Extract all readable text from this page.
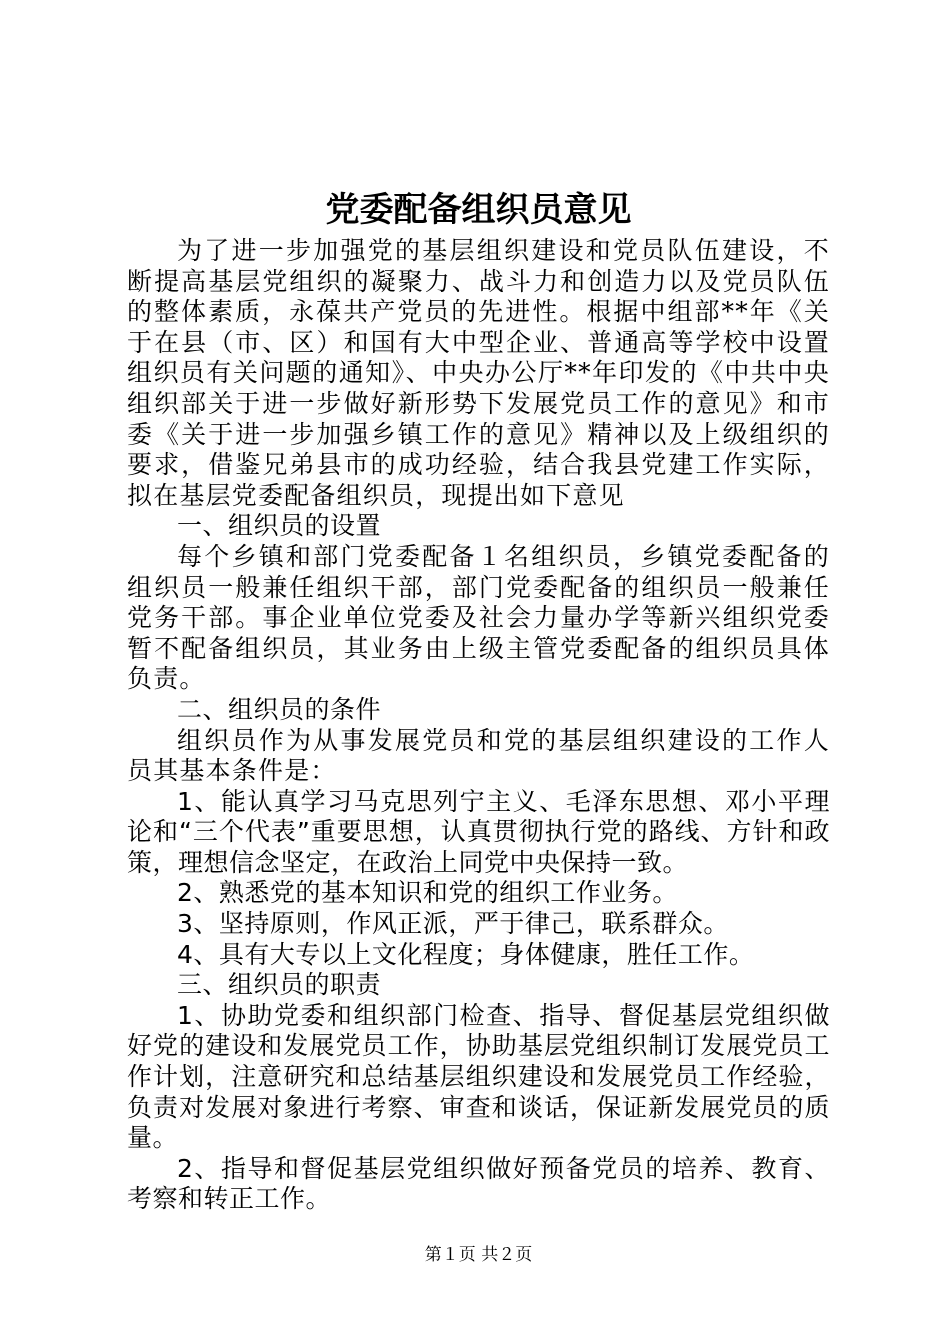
党委配备组织员意见

为了进一步加强党的基层组织建设和党员队伍建设，不断提高基层党组织的凝聚力、战斗力和创造力以及党员队伍的整体素质，永葆共产党员的先进性。根据中组部**年《关于在县（市、区）和国有大中型企业、普通高等学校中设置组织员有关问题的通知》、中央办公厅**年印发的《中共中央组织部关于进一步做好新形势下发展党员工作的意见》和市委《关于进一步加强乡镇工作的意见》精神以及上级组织的要求，借鉴兄弟县市的成功经验，结合我县党建工作实际，拟在基层党委配备组织员，现提出如下意见

一、组织员的设置

每个乡镇和部门党委配备１名组织员，乡镇党委配备的组织员一般兼任组织干部，部门党委配备的组织员一般兼任党务干部。事企业单位党委及社会力量办学等新兴组织党委暂不配备组织员，其业务由上级主管党委配备的组织员具体负责。

二、组织员的条件

组织员作为从事发展党员和党的基层组织建设的工作人员其基本条件是：

1、能认真学习马克思列宁主义、毛泽东思想、邓小平理论和“三个代表”重要思想，认真贯彻执行党的路线、方针和政策，理想信念坚定，在政治上同党中央保持一致。

2、熟悉党的基本知识和党的组织工作业务。

3、坚持原则，作风正派，严于律己，联系群众。

4、具有大专以上文化程度；身体健康，胜任工作。

三、组织员的职责

1、协助党委和组织部门检查、指导、督促基层党组织做好党的建设和发展党员工作，协助基层党组织制订发展党员工作计划，注意研究和总结基层组织建设和发展党员工作经验，负责对发展对象进行考察、审查和谈话，保证新发展党员的质量。

2、指导和督促基层党组织做好预备党员的培养、教育、考察和转正工作。

第１页 共２页
